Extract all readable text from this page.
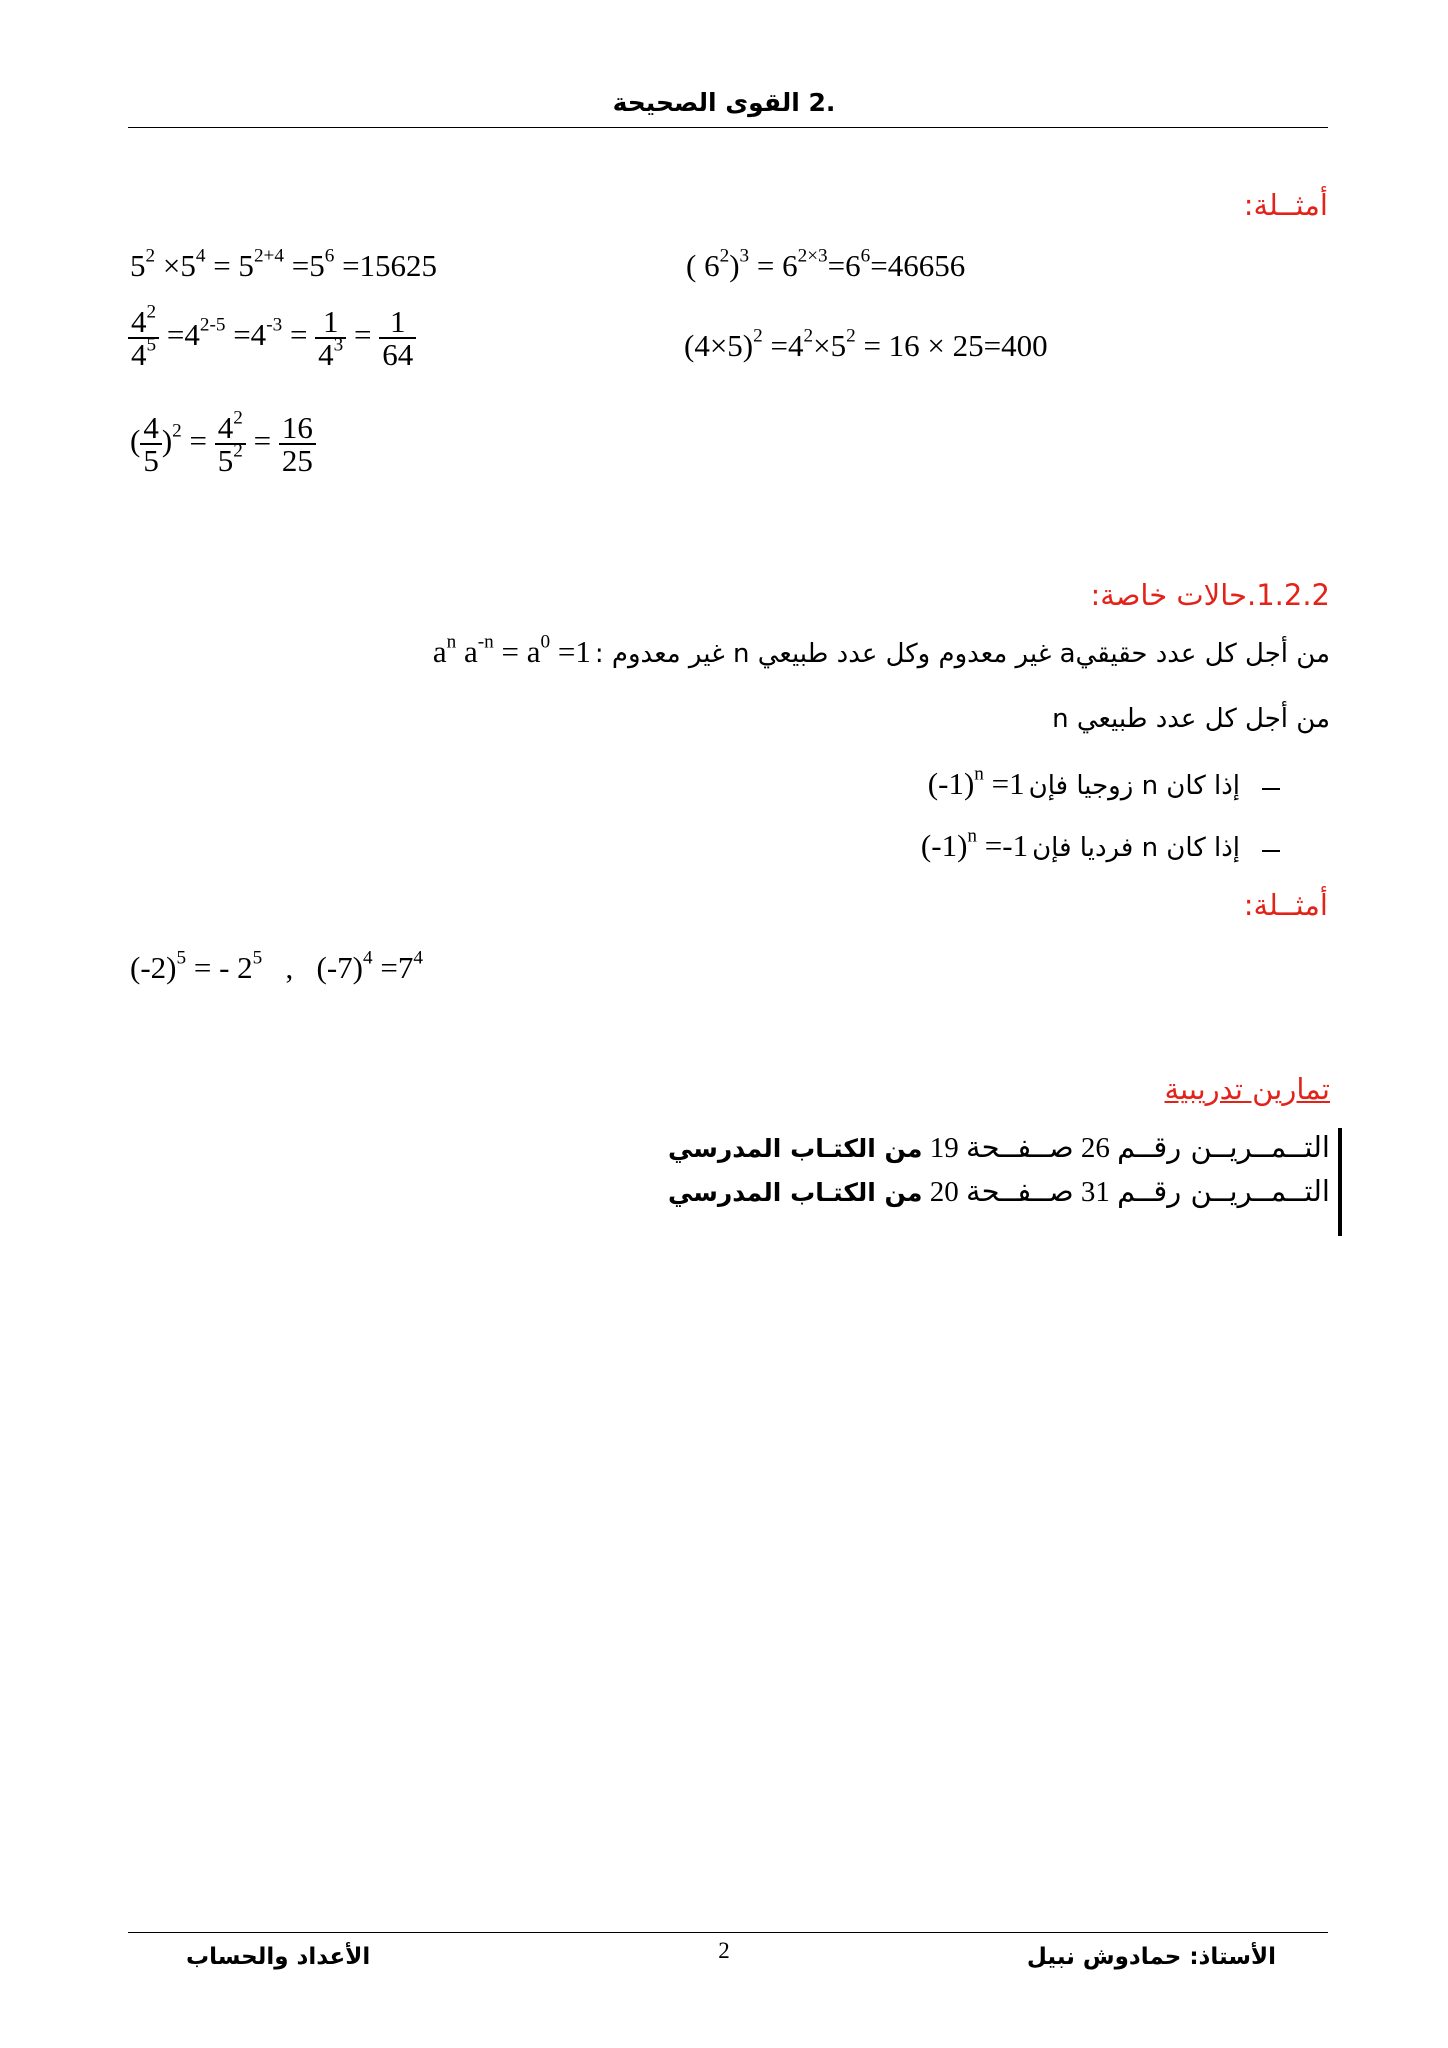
.2 القوى الصحيحة
أمثــلة:
$5^2 \times 5^4 = 5^{2+4} =5^6 =15625$	( $6^2)^3 = 6^{2\times 3}=6^6=46656$
$\frac{4^2}{4^5} =4^{2-5} =4^{-3} = \frac{1}{4^3} = \frac{1}{64}$	$(4\times 5)^2 =4^2\times 5^2 = 16 \times 25=400$
( $\frac{4}{5} )^2 = \frac{4^2}{5^2} = \frac{16}{25}$
1.2.2.حالات خاصة:
من أجل كل عدد حقيقيa غير معدوم وكل عدد طبيعي n غير معدوم : $a^n$ $a^{-n} = a^0 =1$
من أجل كل عدد طبيعي n
إذا كان n زوجيا فإن $(-1)^n =1$
إذا كان n فرديا فإن $(-1)^n =-1$
أمثــلة:
$(-2)^5$ = - $2^5$   ,   $(-7)^4 =7^4$
تمارين تدريبية
التــمــريــن رقــم 26 صــفــحة 19 من الكتـاب المدرسي
التــمــريــن رقــم 31 صــفــحة 20 من الكتـاب المدرسي
الأستاذ: حمادوش نبيل
2
الأعداد والحساب
